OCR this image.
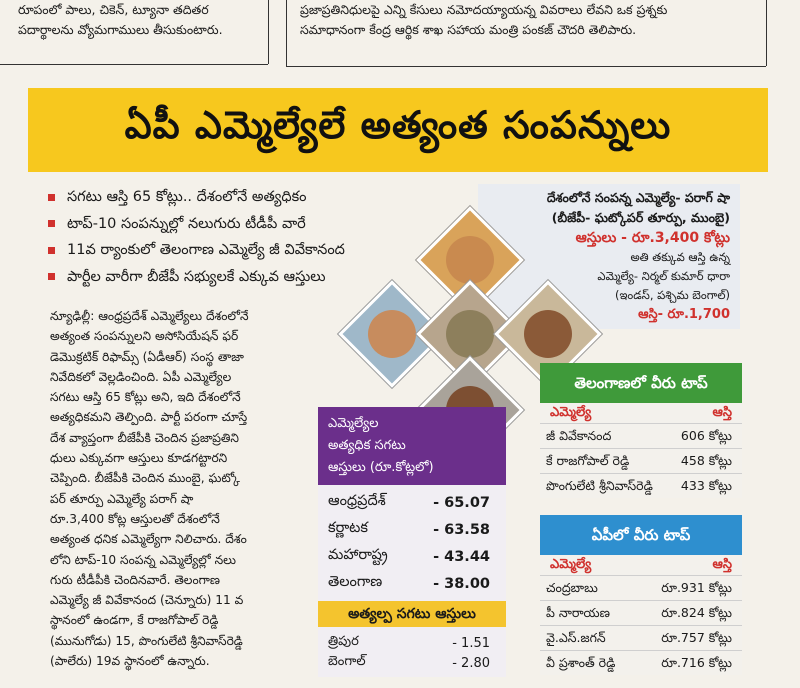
రూపంలో పాలు, చికెన్, ట్యూనా తదితర
పదార్థాలను వ్యోమగాములు తీసుకుంటారు.
ప్రజాప్రతినిధులపై ఎన్ని కేసులు నమోదయ్యాయన్న వివరాలు లేవని ఒక ప్రశ్నకు
సమాధానంగా కేంద్ర ఆర్థిక శాఖ సహాయ మంత్రి పంకజ్ చౌదరి తెలిపారు.
ఏపీ ఎమ్మెల్యేలే అత్యంత సంపన్నులు
సగటు ఆస్తి 65 కోట్లు.. దేశంలోనే అత్యధికం
టాప్-10 సంపన్నుల్లో నలుగురు టీడీపీ వారే
11వ ర్యాంకులో తెలంగాణ ఎమ్మెల్యే జీ వివేకానంద
పార్టీల వారీగా బీజేపీ సభ్యులకే ఎక్కువ ఆస్తులు

న్యూఢిల్లీ: ఆంధ్రప్రదేశ్ ఎమ్మెల్యేలు దేశంలోనే

అత్యంత సంపన్నులని అసోసియేషన్ ఫర్

డెమొక్రటిక్ రిఫామ్స్ (ఏడీఆర్) సంస్థ తాజా

నివేదికలో వెల్లడించింది. ఏపీ ఎమ్మెల్యేల

సగటు ఆస్తి 65 కోట్లు అని, ఇది దేశంలోనే

అత్యధికమని తెల్పింది. పార్టీ పరంగా చూస్తే

దేశ వ్యాప్తంగా బీజేపీకి చెందిన ప్రజాప్రతిని

ధులు ఎక్కువగా ఆస్తులు కూడగట్టారని

చెప్పింది. బీజేపీకి చెందిన ముంబై, ఘట్కో

పర్ తూర్పు ఎమ్మెల్యే పరాగ్ షా

రూ.3,400 కోట్ల ఆస్తులతో దేశంలోనే

అత్యంత ధనిక ఎమ్మెల్యేగా నిలిచారు. దేశం

లోని టాప్-10 సంపన్న ఎమ్మెల్యేల్లో నలు

గురు టీడీపీకి చెందినవారే. తెలంగాణ

ఎమ్మెల్యే జీ వివేకానంద (చెన్నూరు) 11 వ

స్థానంలో ఉండగా, కే రాజగోపాల్ రెడ్డి

(మునుగోడు) 15, పొంగులేటి శ్రీనివాస్‌రెడ్డి

(పాలేరు) 19వ స్థానంలో ఉన్నారు.

దేశంలోనే సంపన్న ఎమ్మెల్యే- పరాగ్ షా
(బీజేపీ- ఘట్కోపర్ తూర్పు, ముంబై)
ఆస్తులు - రూ.3,400 కోట్లు
అతి తక్కువ ఆస్తి ఉన్న
ఎమ్మెల్యే- నిర్మల్ కుమార్ ధారా
(ఇండస్, పశ్చిమ బెంగాల్)
ఆస్తి- రూ.1,700
ఎమ్మెల్యేల
అత్యధిక సగటు
ఆస్తులు (రూ.కోట్లలో)
ఆంధ్రప్రదేశ్	- 65.07
కర్ణాటక	- 63.58
మహారాష్ట్ర	- 43.44
తెలంగాణ	- 38.00
అత్యల్ప సగటు ఆస్తులు
త్రిపుర	- 1.51
బెంగాల్	- 2.80
తెలంగాణలో వీరు టాప్
ఎమ్మెల్యే	ఆస్తి
జీ వివేకానంద	606 కోట్లు
కే రాజగోపాల్ రెడ్డి	458 కోట్లు
పొంగులేటి శ్రీనివాస్‌రెడ్డి 433 కోట్లు
ఏపీలో వీరు టాప్
ఎమ్మెల్యే	ఆస్తి
చంద్రబాబు	రూ.931 కోట్లు
పీ నారాయణ	రూ.824 కోట్లు
వై.ఎస్.జగన్	రూ.757 కోట్లు
వీ ప్రశాంత్ రెడ్డి	రూ.716 కోట్లు
